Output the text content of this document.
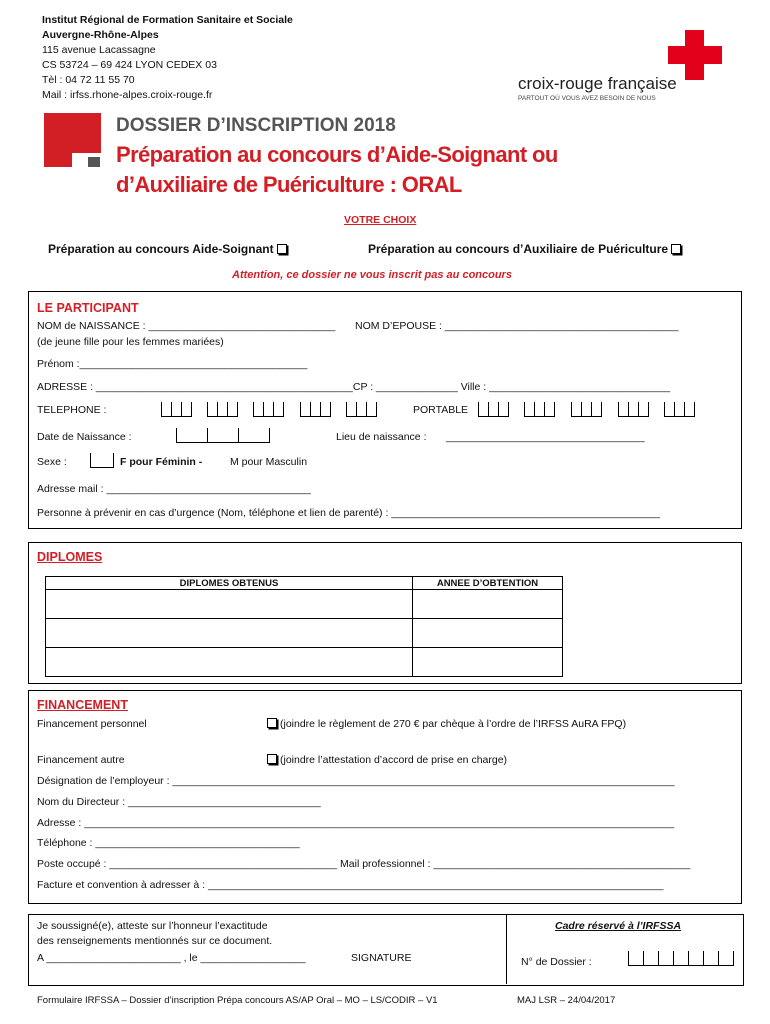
Institut Régional de Formation Sanitaire et Sociale
Auvergne-Rhône-Alpes
115 avenue Lacassagne
CS 53724 – 69 424 LYON CEDEX 03
Tèl : 04 72 11 55 70
Mail : irfss.rhone-alpes.croix-rouge.fr
croix-rouge française
PARTOUT OÙ VOUS AVEZ BESOIN DE NOUS
DOSSIER D’INSCRIPTION 2018
Préparation au concours d’Aide-Soignant ou
d’Auxiliaire de Puériculture : ORAL
VOTRE CHOIX
Préparation au concours Aide-Soignant	Préparation au concours d’Auxiliaire de Puériculture
Attention, ce dossier ne vous inscrit pas au concours
LE PARTICIPANT
NOM de NAISSANCE : ________________________________
(de jeune fille pour les femmes mariées)
NOM D’EPOUSE : ________________________________________
Prénom :_______________________________________
ADRESSE : ____________________________________________CP : ______________ Ville : _______________________________
TELEPHONE :	PORTABLE
Date de Naissance :	Lieu de naissance : __________________________________
Sexe :	F pour Féminin -	M pour Masculin
Adresse mail : ___________________________________
Personne à prévenir en cas d’urgence (Nom, téléphone et lien de parenté) : ______________________________________________
DIPLOMES
DIPLOMES OBTENUS	ANNEE D’OBTENTION

FINANCEMENT
Financement personnel	(joindre le règlement de 270 € par chèque à l’ordre de l’IRFSS AuRA FPQ)
Financement autre	(joindre l’attestation d’accord de prise en charge)
Désignation de l’employeur : ______________________________________________________________________________________
Nom du Directeur : _________________________________
Adresse : _____________________________________________________________________________________________________
Téléphone : ___________________________________
Poste occupé : _______________________________________ Mail professionnel : ____________________________________________
Facture et convention à adresser à : ______________________________________________________________________________
Je soussigné(e), atteste sur l’honneur l’exactitude
des renseignements mentionnés sur ce document.
A _______________________ , le __________________	SIGNATURE
Cadre réservé à l’IRFSSA
N° de Dossier :
Formulaire IRFSSA – Dossier d’inscription Prépa concours AS/AP Oral – MO – LS/CODIR – V1	MAJ LSR – 24/04/2017
